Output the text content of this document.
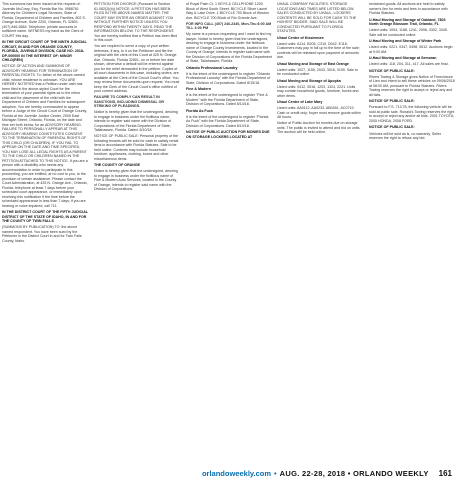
This summons has been issued at the request of: Juvenile McCrary, Esq. Florida Bar No. 0988761 Attorney for Children's Legal Services, State of Florida, Department of Children and Families, 802 S. Orange Avenue, Suite 2200, Orlando, FL 32801. (407) 846-5664. Telephone, private accounts in sufficient name. WITNESS my hand as the Clerk of COURT this day.

IN THE CIRCUIT COURT OF THE NINTH JUDICIAL CIRCUIT, IN AND FOR ORANGE COUNTY, FLORIDA, JUVENILE DIVISION, CASE NO: 2018-DP-000000 IN THE INTEREST OF: MINOR CHILD(REN)

NOTICE OF ACTION AND SUMMONS OF ADVISORY HEARING FOR TERMINATION OF PARENTAL RIGHTS. To: father of the above-named child, whose residence is unknown. YOU ARE HEREBY NOTIFIED that a Petition under oath has been filed in the above-styled Court for the termination of your parental rights as to the minor child and for placement of the child with the Department of Children and Families for subsequent adoption. You are hereby commanded to appear before a Judge of the Circuit Court of Orange County, Florida at the Juvenile Justice Center, 2000 East Michigan Street, Orlando, Florida, on the date and time set forth below, for an ADVISORY HEARING. FAILURE TO PERSONALLY APPEAR AT THIS ADVISORY HEARING CONSTITUTES CONSENT TO THE TERMINATION OF PARENTAL RIGHTS OF THIS CHILD (OR CHILDREN). IF YOU FAIL TO APPEAR ON THE DATE AND TIME SPECIFIED, YOU MAY LOSE ALL LEGAL RIGHTS AS A PARENT TO THE CHILD OR CHILDREN NAMED IN THE PETITION ATTACHED TO THIS NOTICE. If you are a person with a disability who needs any accommodation in order to participate in this proceeding, you are entitled, at no cost to you, to the provision of certain assistance. Please contact the Court Administration, at 425 N. Orange Ave., Orlando, Florida, telephone at least 7 days before your scheduled court appearance, or immediately upon receiving this notification if the time before the scheduled appearance is less than 7 days; if you are hearing or voice impaired, call 711.

IN THE DISTRICT COURT OF THE FIFTH JUDICIAL DISTRICT OF THE STATE OF IDAHO, IN AND FOR THE COUNTY OF TWIN FALLS

(SUMMONS BY PUBLICATION) TO: the above named respondent. You have been sued by the Petitioner in the District Court in and for Twin Falls County, Idaho.

PETITION FOR DIVORCE (Pursuant to Section 61.082(2)(b)) NOTICE: A PETITION HAS BEEN FILED IN THE ABOVE-NAMED MATTER. THE COURT MAY ENTER AN ORDER AGAINST YOU WITHOUT FURTHER NOTICE UNLESS YOU RESPOND WITHIN TWENTY DAYS. READ THE INFORMATION BELOW. TO THE RESPONDENT: You are hereby notified that a Petition has been filed in this court.

You are required to serve a copy of your written defenses, if any, to it on the Petitioner and file the original with the clerk of this Court at 425 N. Orange Ave, Orlando, Florida 32801, on or before the date shown, otherwise a default will be entered against you for the relief demanded in the petition. Copies of all court documents in this case, including orders, are available at the Clerk of the Circuit Court's office. You may review these documents upon request. You must keep the Clerk of the Circuit Court's office notified of your current address.

FAILURE TO COMPLY CAN RESULT IN SANCTIONS, INCLUDING DISMISSAL OR STRIKING OF PLEADINGS.

Notice is hereby given that the undersigned, desiring to engage in business under the fictitious name, intends to register said name with the Division of Corporations of the Florida Department of State, Tallahassee, Florida. Dated: 8/10/18

NOTICE OF PUBLIC SALE: Personal property of the following tenants will be sold for cash to satisfy rental liens in accordance with Florida Statutes. Sale to be held online. Contents may include household furniture, appliances, clothing, boxes and other miscellaneous items.

THE COUNTY OF ORANGE

Notice is hereby given that the undersigned, desiring to engage in business under the fictitious name of Fine & Modern Auto Services, located in the County of Orange, intends to register said name with the Division of Corporations.

of Royal Palm Ct. 1 KEYS & CELLPHONE 1200 Block of West South Street. BICYCLE Silver Laurel Way & Lake Drive. 1 BICYCLE 700 Block of Weston Ave. BICYCLE 700 Block of Rio Grande Ave.

FOR INFO CALL (407) 246-2440, Mon-Thu 8:00 AM TILL 3:00 PM

My name is a person requesting and I want to find my lawyer. Notice is hereby given that the undersigned, desiring to engage in business under the fictitious name of Orange County Investments, located in the County of Orange, intends to register said name with the Division of Corporations of the Florida Department of State, Tallahassee, Florida.

Orlando Professional Laundry

It is the intent of the undersigned to register "Orlando Professional Laundry" with the Florida Department of State, Division of Corporations. Dated 8/15/18.

Fine & Modern

It is the intent of the undersigned to register "Fine & Modern" with the Florida Department of State, Division of Corporations. Dated 8/14/18.

Florida As Fuck

It is the intent of the undersigned to register "Florida As Fuck" with the Florida Department of State, Division of Corporations. Dated 8/10/18.

NOTICE OF PUBLIC AUCTION FOR MONIES DUE ON STORAGE LOCKERS LOCATED AT

UHAUL COMPANY FACILITIES. STORAGE LOCATIONS AND TIMES ARE LISTED BELOW. SALES CONDUCTED BY UHAUL. LOCKERS CONTENTS WILL BE SOLD FOR CASH TO THE HIGHEST BIDDER. SAID SALE WILL BE CONDUCTED PURSUANT TO FLORIDA STATUTES.

Uhaul Center of Kissimmee

Listed units: A114, B205, C310, D042, E118. Customers may pay in full up to the time of the sale; contents will be released upon payment of amounts due.

Uhaul Moving and Storage of East Orange

Listed units: 1027, 1155, 2043, 3016, 3190. Sale to be conducted online.

Uhaul Moving and Storage of Apopka

Listed units: 0412, 0518, 1203, 1324, 2221. Units may contain household goods, furniture, boxes and other items.

Uhaul Center of Lake Mary

Listed units: AA0112, AA0233, AB0451, AC0719. Cash or credit only; buyer must remove goods within 48 hours.

Notice of Public Auction for monies due on storage units. The public is invited to attend and bid on units. The auction will be held online.

reclaimed goods. All auctions are held to satisfy owner's lien for rents and fees in accordance with Florida Statutes.

U-Haul Moving and Storage of Oakland, 7803 North Orange Blossom Trail, Orlando, FL

Listed units: 1054, 1188, 1241, 2096, 3302, 3345. Sale will be conducted online.

U-Haul Moving and Storage of Winter Park

Listed units: 0221, 0347, 0498, 0612. Auctions begin at 9:00 AM.

U-Haul Moving and Storage at Semoran

Listed units: 118, 204, 311, 417. All sales are final.

NOTICE OF PUBLIC SALE:

Rivers Towing & Storage gives Notice of Foreclosure of Lien and intent to sell these vehicles on 09/06/2018 at 08:00 AM, pursuant to Florida Statutes. Rivers Towing reserves the right to accept or reject any and all bids.

NOTICE OF PUBLIC SALE:

Pursuant to F.S. 713.78, the following vehicle will be sold at public sale. Ronald's Towing reserves the right to accept or reject any and/or all bids. 2001 TOYOTA, 2005 HONDA, 2008 FORD.

NOTICE OF PUBLIC SALE:

Vehicles will be sold as is, no warranty. Seller reserves the right to refuse any bid.

orlandoweekly.com • AUG. 22-28, 2018 • ORLANDO WEEKLY 161
